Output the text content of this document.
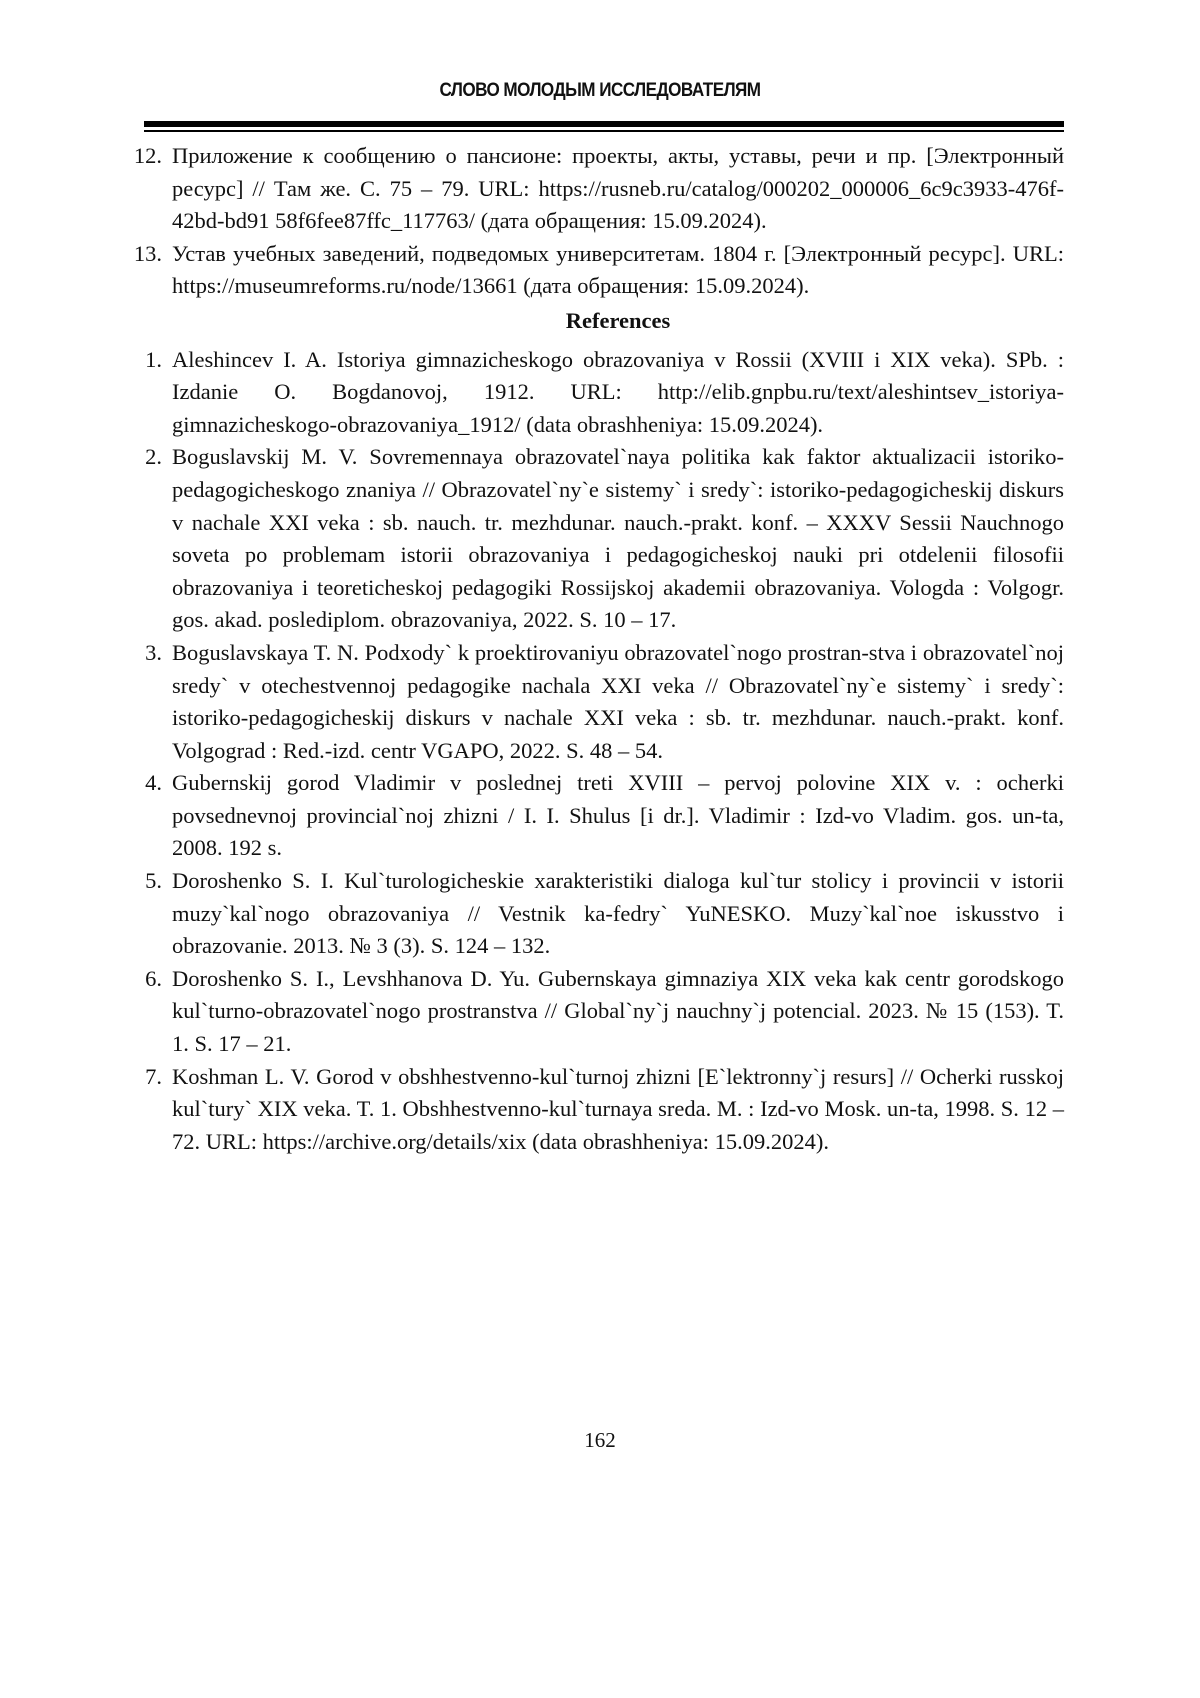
СЛОВО МОЛОДЫМ ИССЛЕДОВАТЕЛЯМ
12. Приложение к сообщению о пансионе: проекты, акты, уставы, речи и пр. [Электронный ресурс] // Там же. С. 75 – 79. URL: https://rusneb.ru/catalog/000202_000006_6c9c3933-476f-42bd-bd91 58f6fee87ffc_117763/ (дата обращения: 15.09.2024).
13. Устав учебных заведений, подведомых университетам. 1804 г. [Электронный ресурс]. URL: https://museumreforms.ru/node/13661 (дата обращения: 15.09.2024).
References
1. Aleshincev I. A. Istoriya gimnazicheskogo obrazovaniya v Rossii (XVIII i XIX veka). SPb. : Izdanie O. Bogdanovoj, 1912. URL: http://elib.gnpbu.ru/text/aleshintsev_istoriya-gimnazicheskogo-obrazovaniya_1912/ (data obrashheniya: 15.09.2024).
2. Boguslavskij M. V. Sovremennaya obrazovatel`naya politika kak faktor aktualizacii istoriko-pedagogicheskogo znaniya // Obrazovatel`ny`e sistemy` i sredy`: istoriko-pedagogicheskij diskurs v nachale XXI veka : sb. nauch. tr. mezhdunar. nauch.-prakt. konf. – XXXV Sessii Nauchnogo soveta po problemam istorii obrazovaniya i pedagogicheskoj nauki pri otdelenii filosofii obrazovaniya i teoreticheskoj pedagogiki Rossijskoj akademii obrazovaniya. Vologda : Volgogr. gos. akad. poslediplom. obrazovaniya, 2022. S. 10 – 17.
3. Boguslavskaya T. N. Podxody` k proektirovaniyu obrazovatel`nogo prostran-stva i obrazovatel`noj sredy` v otechestvennoj pedagogike nachala XXI veka // Obrazovatel`ny`e sistemy` i sredy`: istoriko-pedagogicheskij diskurs v nachale XXI veka : sb. tr. mezhdunar. nauch.-prakt. konf. Volgograd : Red.-izd. centr VGAPO, 2022. S. 48 – 54.
4. Gubernskij gorod Vladimir v poslednej treti XVIII – pervoj polovine XIX v. : ocherki povsednevnoj provincial`noj zhizni / I. I. Shulus [i dr.]. Vladimir : Izd-vo Vladim. gos. un-ta, 2008. 192 s.
5. Doroshenko S. I. Kul`turologicheskie xarakteristiki dialoga kul`tur stolicy i provincii v istorii muzy`kal`nogo obrazovaniya // Vestnik ka-fedry` YuNESKO. Muzy`kal`noe iskusstvo i obrazovanie. 2013. № 3 (3). S. 124 – 132.
6. Doroshenko S. I., Levshhanova D. Yu. Gubernskaya gimnaziya XIX veka kak centr gorodskogo kul`turno-obrazovatel`nogo prostranstva // Global`ny`j nauchny`j potencial. 2023. № 15 (153). T. 1. S. 17 – 21.
7. Koshman L. V. Gorod v obshhestvenno-kul`turnoj zhizni [E`lektronny`j resurs] // Ocherki russkoj kul`tury` XIX veka. T. 1. Obshhestvenno-kul`turnaya sreda. M. : Izd-vo Mosk. un-ta, 1998. S. 12 – 72. URL: https://archive.org/details/xix (data obrashheniya: 15.09.2024).
162
